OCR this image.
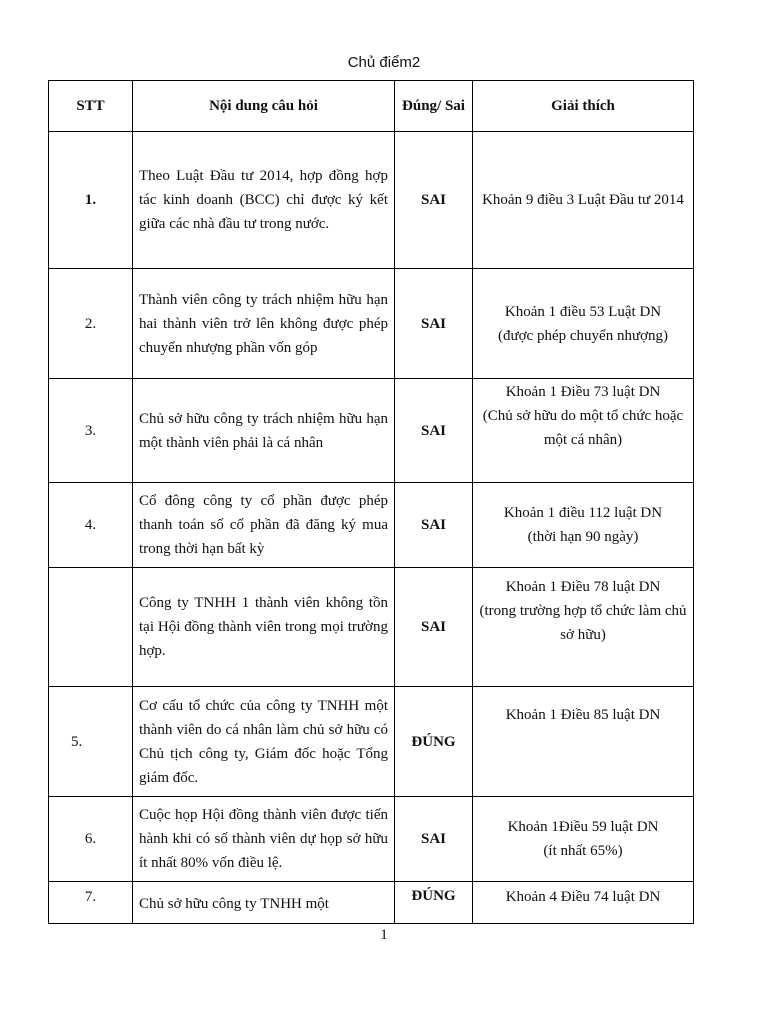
Chủ điểm2
STT	Nội dung câu hỏi	Đúng/ Sai	Giải thích
1.	Theo Luật Đầu tư 2014, hợp đồng hợp tác kinh doanh (BCC) chỉ được ký kết giữa các nhà đầu tư trong nước.	SAI	Khoản 9 điều 3 Luật Đầu tư 2014

2.	Thành viên công ty trách nhiệm hữu hạn hai thành viên trở lên không được phép chuyển nhượng phần vốn góp	SAI	Khoản 1 điều 53 Luật DN
(được phép chuyển nhượng)

3.	Chủ sở hữu công ty trách nhiệm hữu hạn một thành viên phải là cá nhân	SAI	Khoản 1 Điều 73 luật DN
(Chủ sở hữu do một tổ chức hoặc một cá nhân)

4.	Cổ đông công ty cổ phần được phép thanh toán số cổ phần đã đăng ký mua trong thời hạn bất kỳ	SAI	Khoản 1 điều 112 luật DN
(thời hạn 90 ngày)

	Công ty TNHH 1 thành viên không tồn tại Hội đồng thành viên trong mọi trường hợp.	SAI	Khoản 1 Điều 78 luật DN
(trong trường hợp tổ chức làm chủ sở hữu)

5.	Cơ cấu tổ chức của công ty TNHH một thành viên do cá nhân làm chủ sở hữu có Chủ tịch công ty, Giám đốc hoặc Tổng giám đốc.	ĐÚNG	Khoản 1 Điều 85 luật DN

6.	Cuộc họp Hội đồng thành viên được tiến hành khi có số thành viên dự họp sở hữu ít nhất 80% vốn điều lệ.	SAI	Khoản 1Điều 59 luật DN
(ít nhất 65%)

7.	Chủ sở hữu công ty TNHH một	ĐÚNG	Khoản 4 Điều 74 luật DN
1
